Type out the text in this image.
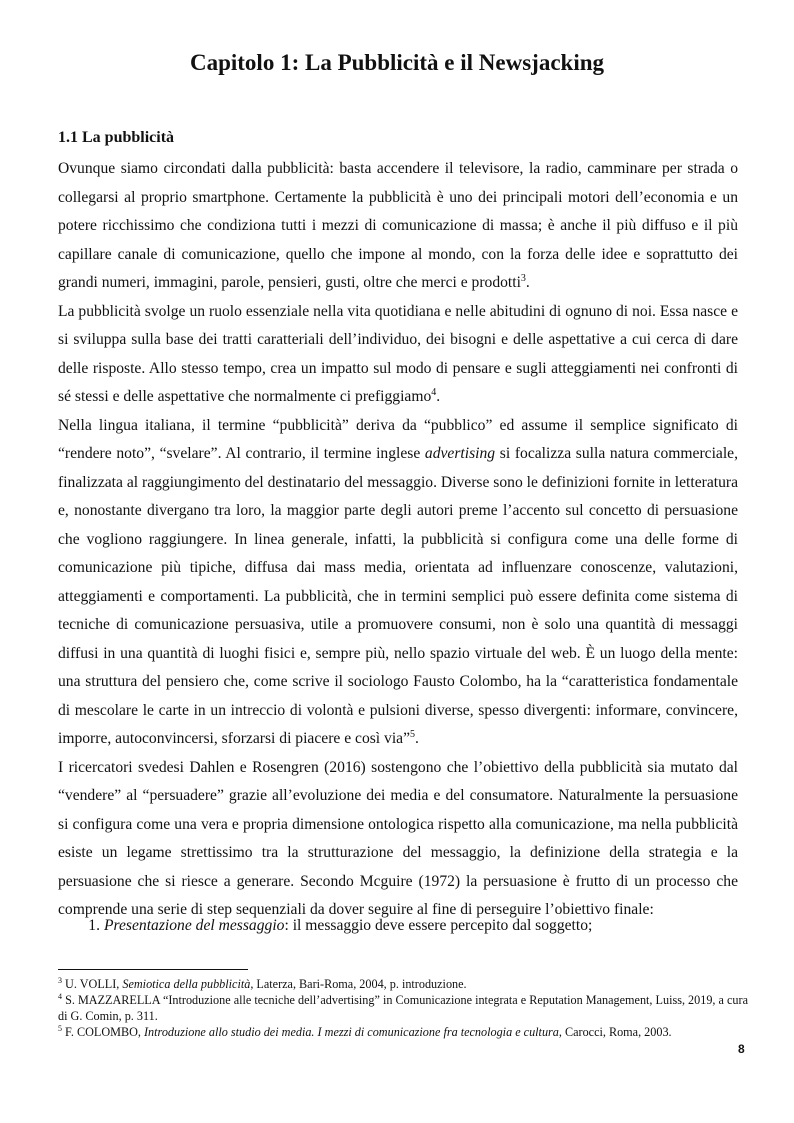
Capitolo 1: La Pubblicità e il Newsjacking
1.1 La pubblicità

Ovunque siamo circondati dalla pubblicità: basta accendere il televisore, la radio, camminare per strada o collegarsi al proprio smartphone. Certamente la pubblicità è uno dei principali motori dell’economia e un potere ricchissimo che condiziona tutti i mezzi di comunicazione di massa; è anche il più diffuso e il più capillare canale di comunicazione, quello che impone al mondo, con la forza delle idee e soprattutto dei grandi numeri, immagini, parole, pensieri, gusti, oltre che merci e prodotti$^3$.

La pubblicità svolge un ruolo essenziale nella vita quotidiana e nelle abitudini di ognuno di noi. Essa nasce e si sviluppa sulla base dei tratti caratteriali dell’individuo, dei bisogni e delle aspettative a cui cerca di dare delle risposte. Allo stesso tempo, crea un impatto sul modo di pensare e sugli atteggiamenti nei confronti di sé stessi e delle aspettative che normalmente ci prefiggiamo$^4$.

Nella lingua italiana, il termine “pubblicità” deriva da “pubblico” ed assume il semplice significato di “rendere noto”, “svelare”. Al contrario, il termine inglese advertising si focalizza sulla natura commerciale, finalizzata al raggiungimento del destinatario del messaggio. Diverse sono le definizioni fornite in letteratura e, nonostante divergano tra loro, la maggior parte degli autori preme l’accento sul concetto di persuasione che vogliono raggiungere. In linea generale, infatti, la pubblicità si configura come una delle forme di comunicazione più tipiche, diffusa dai mass media, orientata ad influenzare conoscenze, valutazioni, atteggiamenti e comportamenti. La pubblicità, che in termini semplici può essere definita come sistema di tecniche di comunicazione persuasiva, utile a promuovere consumi, non è solo una quantità di messaggi diffusi in una quantità di luoghi fisici e, sempre più, nello spazio virtuale del web. È un luogo della mente: una struttura del pensiero che, come scrive il sociologo Fausto Colombo, ha la “caratteristica fondamentale di mescolare le carte in un intreccio di volontà e pulsioni diverse, spesso divergenti: informare, convincere, imporre, autoconvincersi, sforzarsi di piacere e così via”$^5$.

I ricercatori svedesi Dahlen e Rosengren (2016) sostengono che l’obiettivo della pubblicità sia mutato dal “vendere” al “persuadere” grazie all’evoluzione dei media e del consumatore. Naturalmente la persuasione si configura come una vera e propria dimensione ontologica rispetto alla comunicazione, ma nella pubblicità esiste un legame strettissimo tra la strutturazione del messaggio, la definizione della strategia e la persuasione che si riesce a generare. Secondo Mcguire (1972) la persuasione è frutto di un processo che comprende una serie di step sequenziali da dover seguire al fine di perseguire l’obiettivo finale:

1. Presentazione del messaggio: il messaggio deve essere percepito dal soggetto;

$^3$ U. VOLLI, Semiotica della pubblicità, Laterza, Bari-Roma, 2004, p. introduzione.

$^4$ S. MAZZARELLA “Introduzione alle tecniche dell’advertising” in Comunicazione integrata e Reputation Management, Luiss, 2019, a cura di G. Comin, p. 311.

$^5$ F. COLOMBO, Introduzione allo studio dei media. I mezzi di comunicazione fra tecnologia e cultura, Carocci, Roma, 2003.

8
